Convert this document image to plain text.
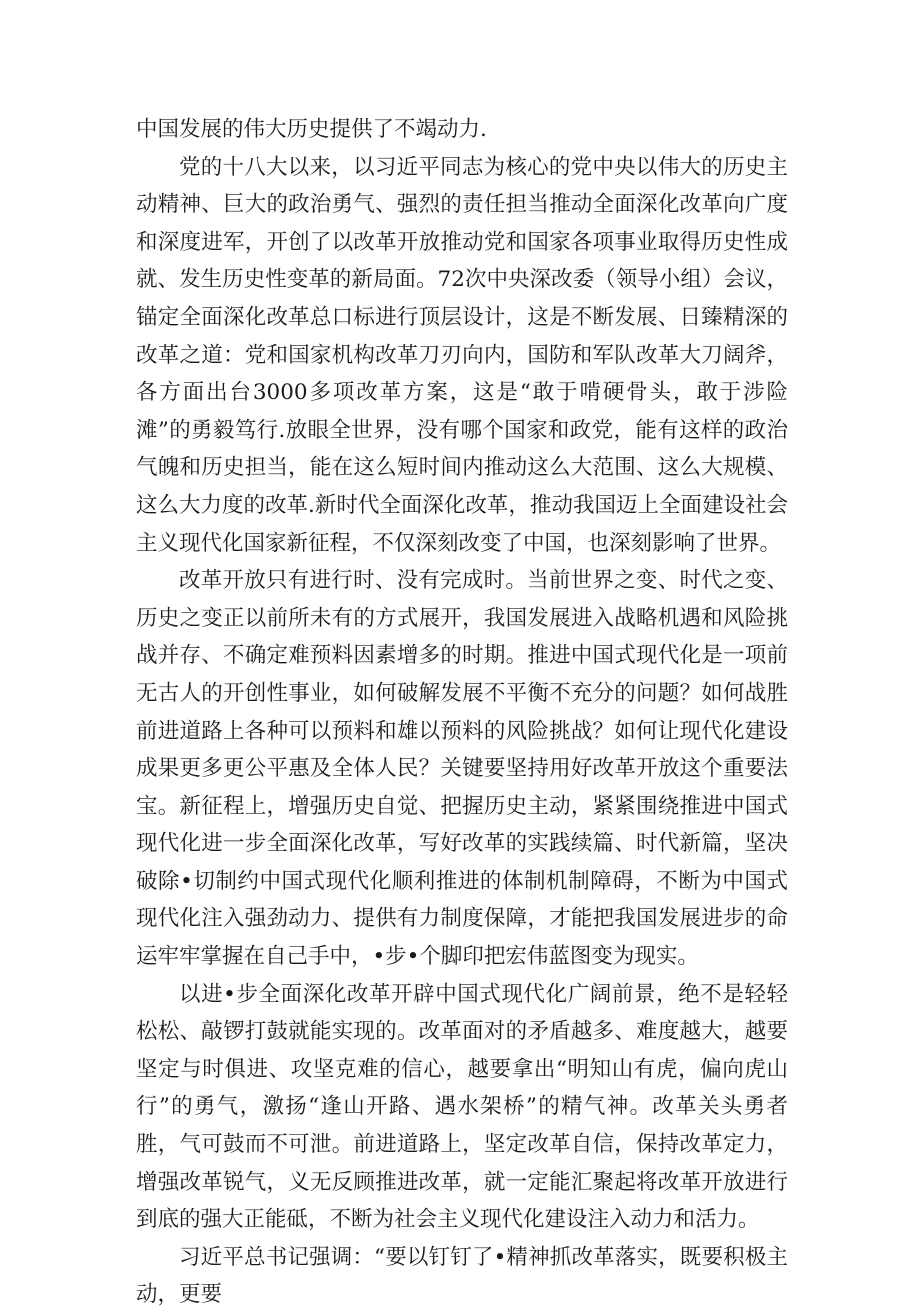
中国发展的伟大历史提供了不竭动力.

党的十八大以来，以习近平同志为核心的党中央以伟大的历史主动精神、巨大的政治勇气、强烈的责任担当推动全面深化改革向广度和深度进军，开创了以改革开放推动党和国家各项事业取得历史性成就、发生历史性变革的新局面。72次中央深改委（领导小组）会议，锚定全面深化改革总口标进行顶层设计，这是不断发展、日臻精深的改革之道：党和国家机构改革刀刃向内，国防和军队改革大刀阔斧，各方面出台3000多项改革方案，这是“敢于啃硬骨头，敢于涉险滩”的勇毅笃行.放眼全世界，没有哪个国家和政党，能有这样的政治气魄和历史担当，能在这么短时间内推动这么大范围、这么大规模、这么大力度的改革.新时代全面深化改革，推动我国迈上全面建设社会主义现代化国家新征程，不仅深刻改变了中国，也深刻影响了世界。

改革开放只有进行时、没有完成时。当前世界之变、时代之变、历史之变正以前所未有的方式展开，我国发展进入战略机遇和风险挑战并存、不确定难预料因素增多的时期。推进中国式现代化是一项前无古人的开创性事业，如何破解发展不平衡不充分的问题？如何战胜前进道路上各种可以预料和雄以预料的风险挑战？如何让现代化建设成果更多更公平惠及全体人民？关键要坚持用好改革开放这个重要法宝。新征程上，增强历史自觉、把握历史主动，紧紧围绕推进中国式现代化进一步全面深化改革，写好改革的实践续篇、时代新篇，坚决破除•切制约中国式现代化顺利推进的体制机制障碍，不断为中国式现代化注入强劲动力、提供有力制度保障，才能把我国发展进步的命运牢牢掌握在自己手中，•步•个脚印把宏伟蓝图变为现实。

以进•步全面深化改革开辟中国式现代化广阔前景，绝不是轻轻松松、敲锣打鼓就能实现的。改革面对的矛盾越多、难度越大，越要坚定与时俱进、攻坚克难的信心，越要拿出“明知山有虎，偏向虎山行”的勇气，激扬“逢山开路、遇水架桥”的精气神。改革关头勇者胜，气可鼓而不可泄。前进道路上，坚定改革自信，保持改革定力，增强改革锐气，义无反顾推进改革，就一定能汇聚起将改革开放进行到底的强大正能砥，不断为社会主义现代化建设注入动力和活力。

习近平总书记强调：“要以钉钉了•精神抓改革落实，既要积极主动，更要
